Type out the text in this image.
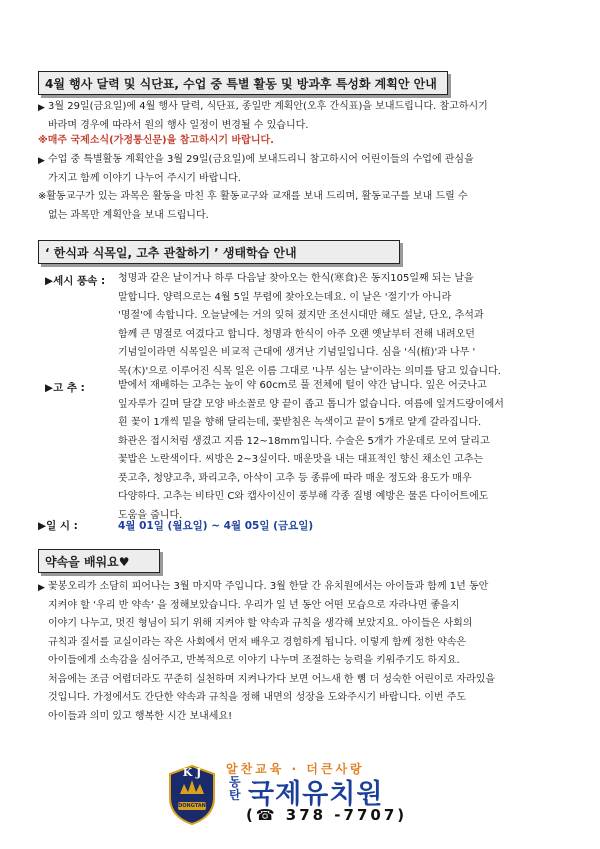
4월 행사 달력 및 식단표, 수업 중 특별 활동 및 방과후 특성화 계획안 안내
▶ 3월 29일(금요일)에 4월 행사 달력, 식단표, 종일반 계획안(오후 간식표)을 보내드립니다. 참고하시기
바라며 경우에 따라서 원의 행사 일정이 변경될 수 있습니다.
※매주 국제소식(가정통신문)을 참고하시기 바랍니다.
▶ 수업 중 특별활동 계획안을 3월 29일(금요일)에 보내드리니 참고하시어 어린이들의 수업에 관심을
가지고 함께 이야기 나누어 주시기 바랍니다.
※활동교구가 있는 과목은 활동을 마친 후 활동교구와 교재를 보내 드리며, 활동교구를 보내 드릴 수
없는 과목만 계획안을 보내 드립니다.
‘ 한식과 식목일, 고추 관찰하기 ’ 생태학습 안내
▶세시 풍속 : 청명과 같은 날이거나 하루 다음날 찾아오는 한식(寒食)은 동지105일째 되는 날을
말합니다. 양력으로는 4월 5일 무렵에 찾아오는데요. 이 날은 '절기'가 아니라
'명절'에 속합니다. 오늘날에는 거의 잊혀 졌지만 조선시대만 해도 설날, 단오, 추석과
함께 큰 명절로 여겼다고 합니다. 청명과 한식이 아주 오랜 옛날부터 전해 내려오던
기념일이라면 식목일은 비교적 근대에 생겨난 기념일입니다. 심을 '식(植)'과 나무 '
목(木)'으로 이루어진 식목 일은 이름 그대로 '나무 심는 날'이라는 의미를 담고 있습니다.
▶고 추 :	밭에서 재배하는 고추는 높이 약 60cm로 풀 전체에 털이 약간 납니다. 잎은 어긋나고
잎자루가 길며 달걀 모양 바소꼴로 양 끝이 좁고 톱니가 없습니다. 여름에 잎겨드랑이에서
흰 꽃이 1개씩 밑을 향해 달리는데, 꽃받침은 녹색이고 끝이 5개로 얕게 갈라집니다.
화관은 접시처럼 생겼고 지름 12~18mm입니다. 수술은 5개가 가운데로 모여 달리고
꽃밥은 노란색이다. 씨방은 2~3실이다. 매운맛을 내는 대표적인 향신 채소인 고추는
풋고추, 청양고추, 꽈리고추, 아삭이 고추 등 종류에 따라 매운 정도와 용도가 매우
다양하다. 고추는 비타민 C와 캡사이신이 풍부해 각종 질병 예방은 물론 다이어트에도
도움을 줍니다.
▶일 시 :	4월 01일 (월요일) ~ 4월 05일 (금요일)
약속을 배워요♥
▶ 꽃봉오리가 소담히 피어나는 3월 마지막 주입니다. 3월 한달 간 유치원에서는 아이들과 함께 1년 동안
지켜야 할 ‘우리 반 약속’ 을 정해보았습니다. 우리가 일 년 동안 어떤 모습으로 자라나면 좋을지
이야기 나누고, 멋진 형님이 되기 위해 지켜야 할 약속과 규칙을 생각해 보았지요. 아이들은 사회의
규칙과 질서를 교실이라는 작은 사회에서 먼저 배우고 경험하게 됩니다. 이렇게 함께 정한 약속은
아이들에게 소속감을 심어주고, 반복적으로 이야기 나누며 조절하는 능력을 키워주기도 하지요.
처음에는 조금 어렵더라도 꾸준히 실천하며 지켜나가다 보면 어느새 한 뼘 더 성숙한 어린이로 자라있을
것입니다. 가정에서도 간단한 약속과 규칙을 정해 내면의 성장을 도와주시기 바랍니다. 이번 주도
아이들과 의미 있고 행복한 시간 보내세요!
알찬교육 · 더큰사랑
K J
DONGTAN
동탄 국제유치원
(☎ 378 -7707)
